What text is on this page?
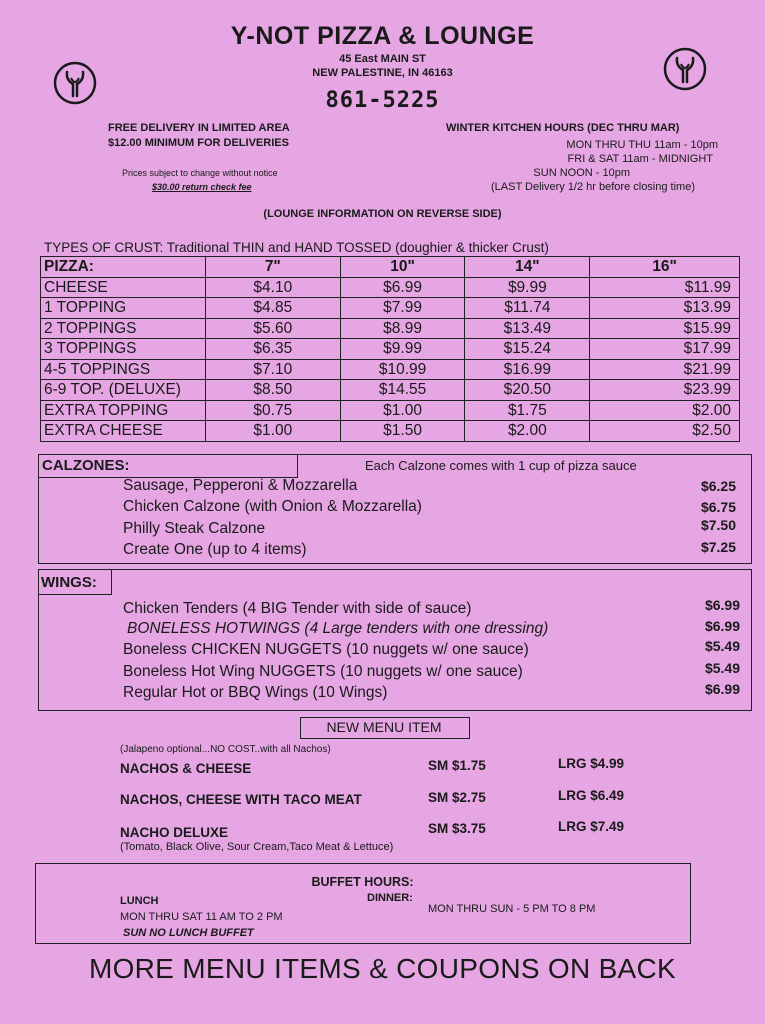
Y-NOT PIZZA & LOUNGE
45 East MAIN ST
NEW PALESTINE, IN 46163
861-5225
FREE DELIVERY IN LIMITED AREA
$12.00 MINIMUM FOR DELIVERIES
Prices subject to change without notice
$30.00 return check fee
WINTER KITCHEN HOURS (DEC THRU MAR)
MON THRU THU 11am - 10pm
FRI & SAT 11am - MIDNIGHT
SUN NOON - 10pm
(LAST Delivery 1/2 hr before closing time)
(LOUNGE INFORMATION ON REVERSE SIDE)
TYPES OF CRUST: Traditional THIN and HAND TOSSED (doughier & thicker Crust)
PIZZA:	7"	10"	14"	16"
CHEESE	$4.10	$6.99	$9.99	$11.99
1 TOPPING	$4.85	$7.99	$11.74	$13.99
2 TOPPINGS	$5.60	$8.99	$13.49	$15.99
3 TOPPINGS	$6.35	$9.99	$15.24	$17.99
4-5 TOPPINGS	$7.10	$10.99	$16.99	$21.99
6-9 TOP. (DELUXE)	$8.50	$14.55	$20.50	$23.99
EXTRA TOPPING	$0.75	$1.00	$1.75	$2.00
EXTRA CHEESE	$1.00	$1.50	$2.00	$2.50
CALZONES:	Each Calzone comes with 1 cup of pizza sauce
Sausage, Pepperoni & Mozzarella	$6.25
Chicken Calzone (with Onion & Mozzarella)	$6.75
Philly Steak Calzone	$7.50
Create One (up to 4 items)	$7.25
WINGS:
Chicken Tenders (4 BIG Tender with side of sauce)	$6.99
BONELESS HOTWINGS (4 Large tenders with one dressing)	$6.99
Boneless CHICKEN NUGGETS (10 nuggets w/ one sauce)	$5.49
Boneless Hot Wing NUGGETS (10 nuggets w/ one sauce)	$5.49
Regular Hot or BBQ Wings (10 Wings)	$6.99
NEW MENU ITEM
(Jalapeno optional...NO COST..with all Nachos)
NACHOS & CHEESE	SM $1.75	LRG $4.99
NACHOS, CHEESE WITH TACO MEAT	SM $2.75	LRG $6.49
NACHO DELUXE	SM $3.75	LRG $7.49
(Tomato, Black Olive, Sour Cream,Taco Meat & Lettuce)
BUFFET HOURS:
LUNCH	DINNER:
MON THRU SAT 11 AM TO 2 PM
MON THRU SUN - 5 PM TO 8 PM
SUN NO LUNCH BUFFET
MORE MENU ITEMS & COUPONS ON BACK
